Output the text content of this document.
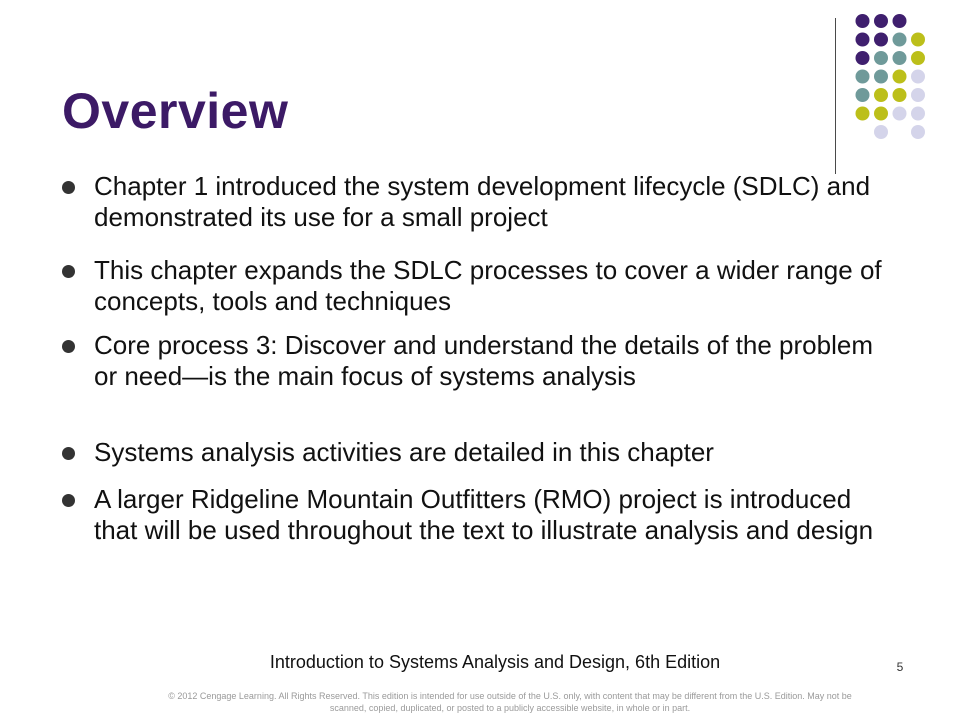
Overview
Chapter 1 introduced the system development lifecycle (SDLC) and demonstrated its use for a small project
This chapter expands the SDLC processes to cover a wider range of concepts, tools and techniques
Core process 3: Discover and understand the details of the problem or need—is the main focus of systems analysis
Systems analysis activities are detailed in this chapter
A larger Ridgeline Mountain Outfitters (RMO) project is introduced that will be used throughout the text to illustrate analysis and design
Introduction to Systems Analysis and Design, 6th Edition	5
© 2012 Cengage Learning. All Rights Reserved. This edition is intended for use outside of the U.S. only, with content that may be different from the U.S. Edition. May not be scanned, copied, duplicated, or posted to a publicly accessible website, in whole or in part.
